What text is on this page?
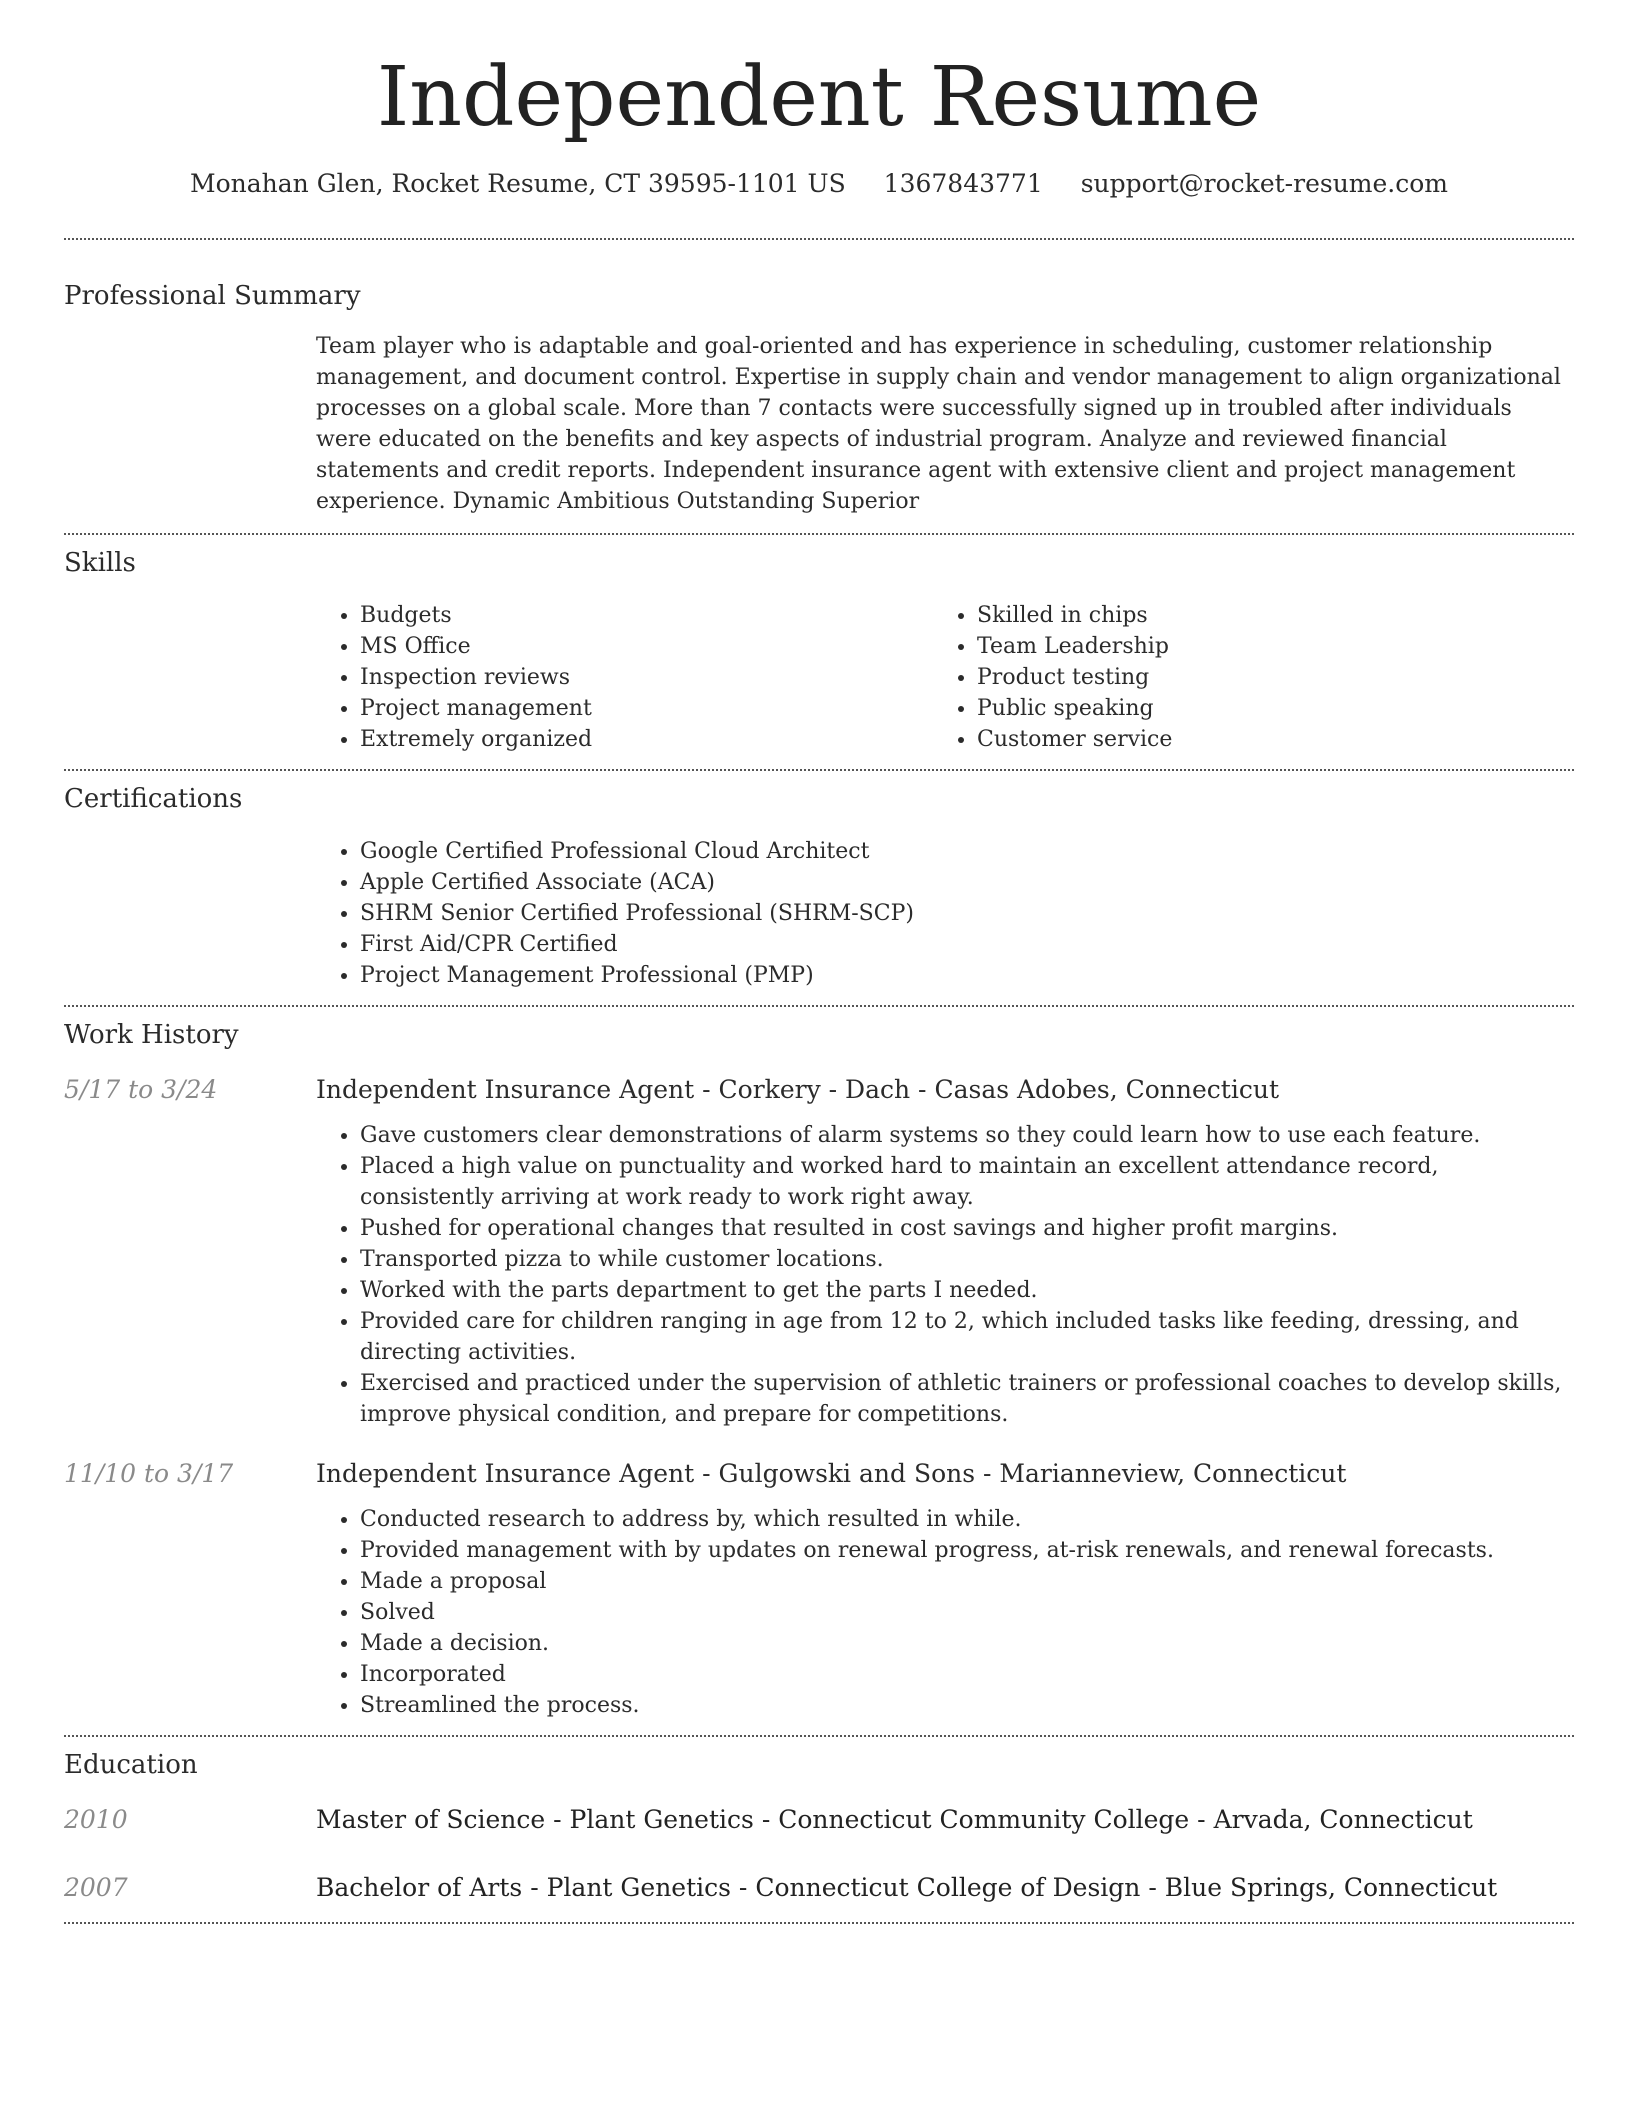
Independent Resume
Monahan Glen, Rocket Resume, CT 39595-1101 US 1367843771 support@rocket-resume.com
Professional Summary
Team player who is adaptable and goal-oriented and has experience in scheduling, customer relationship management, and document control. Expertise in supply chain and vendor management to align organizational processes on a global scale. More than 7 contacts were successfully signed up in troubled after individuals were educated on the benefits and key aspects of industrial program. Analyze and reviewed financial statements and credit reports. Independent insurance agent with extensive client and project management experience. Dynamic Ambitious Outstanding Superior
Skills
• Budgets
• MS Office
• Inspection reviews
• Project management
• Extremely organized
• Skilled in chips
• Team Leadership
• Product testing
• Public speaking
• Customer service
Certifications
• Google Certified Professional Cloud Architect
• Apple Certified Associate (ACA)
• SHRM Senior Certified Professional (SHRM-SCP)
• First Aid/CPR Certified
• Project Management Professional (PMP)
Work History
5/17 to 3/24	Independent Insurance Agent - Corkery - Dach - Casas Adobes, Connecticut
• Gave customers clear demonstrations of alarm systems so they could learn how to use each feature.
• Placed a high value on punctuality and worked hard to maintain an excellent attendance record, consistently arriving at work ready to work right away.
• Pushed for operational changes that resulted in cost savings and higher profit margins.
• Transported pizza to while customer locations.
• Worked with the parts department to get the parts I needed.
• Provided care for children ranging in age from 12 to 2, which included tasks like feeding, dressing, and directing activities.
• Exercised and practiced under the supervision of athletic trainers or professional coaches to develop skills, improve physical condition, and prepare for competitions.
11/10 to 3/17	Independent Insurance Agent - Gulgowski and Sons - Marianneview, Connecticut
• Conducted research to address by, which resulted in while.
• Provided management with by updates on renewal progress, at-risk renewals, and renewal forecasts.
• Made a proposal
• Solved
• Made a decision.
• Incorporated
• Streamlined the process.
Education
2010	Master of Science - Plant Genetics - Connecticut Community College - Arvada, Connecticut
2007	Bachelor of Arts - Plant Genetics - Connecticut College of Design - Blue Springs, Connecticut
